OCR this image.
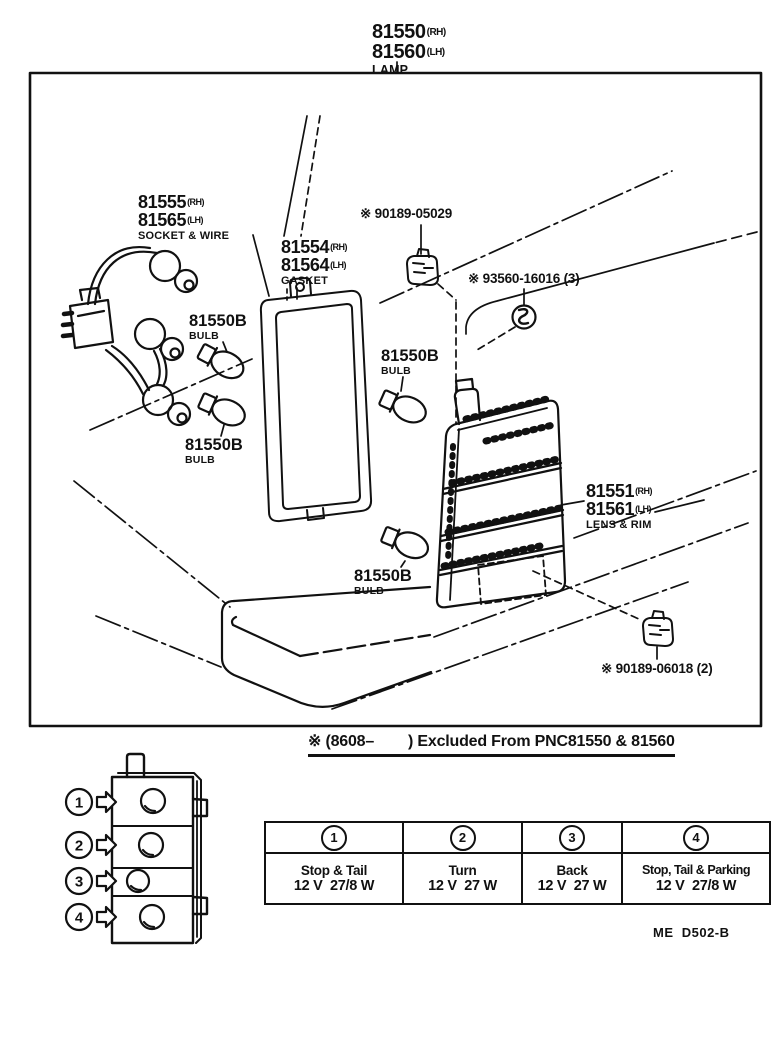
1
2
3
4
81550 (RH)
81560 (LH)
LAMP
81555 (RH)
81565 (LH)
SOCKET & WIRE
81554 (RH)
81564 (LH)
GASKET
81551 (RH)
81561 (LH)
LENS & RIM
81550B
BULB
81550B
BULB
81550B
BULB
81550B
BULB
※ 90189-05029
※ 93560-16016 (3)
※ 90189-06018 (2)
※ (8608–        ) Excluded From PNC81550 & 81560
1
Stop & Tail
12 V  27/8 W
2
Turn
12 V  27 W
3
Back
12 V  27 W
4
Stop, Tail & Parking
12 V  27/8 W
ME  D502-B
